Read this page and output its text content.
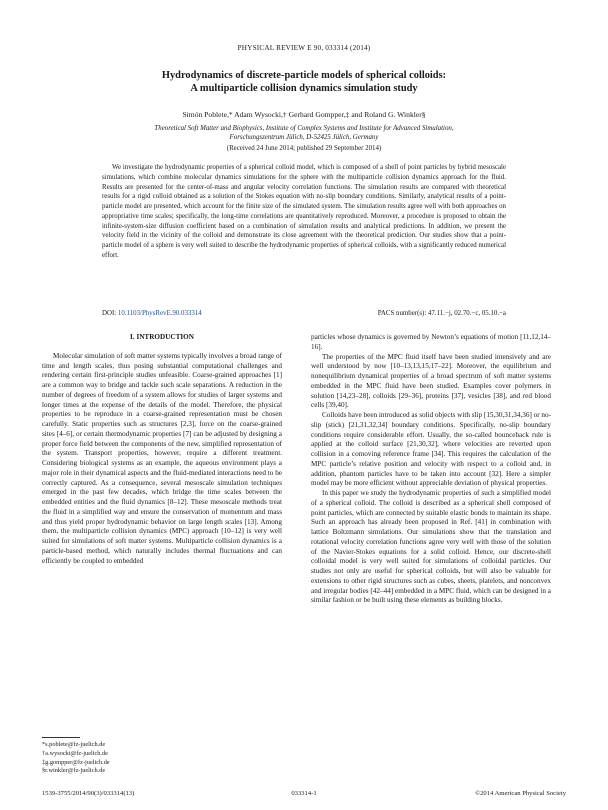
PHYSICAL REVIEW E 90, 033314 (2014)
Hydrodynamics of discrete-particle models of spherical colloids:
A multiparticle collision dynamics simulation study
Simón Poblete,* Adam Wysocki,† Gerhard Gompper,‡ and Roland G. Winkler§
Theoretical Soft Matter and Biophysics, Institute of Complex Systems and Institute for Advanced Simulation,
Forschungszentrum Jülich, D-52425 Jülich, Germany
(Received 24 June 2014; published 29 September 2014)
We investigate the hydrodynamic properties of a spherical colloid model, which is composed of a shell of point particles by hybrid mesoscale simulations, which combine molecular dynamics simulations for the sphere with the multiparticle collision dynamics approach for the fluid. Results are presented for the center-of-mass and angular velocity correlation functions. The simulation results are compared with theoretical results for a rigid colloid obtained as a solution of the Stokes equation with no-slip boundary conditions. Similarly, analytical results of a point-particle model are presented, which account for the finite size of the simulated system. The simulation results agree well with both approaches on appropriative time scales; specifically, the long-time correlations are quantitatively reproduced. Moreover, a procedure is proposed to obtain the infinite-system-size diffusion coefficient based on a combination of simulation results and analytical predictions. In addition, we present the velocity field in the vicinity of the colloid and demonstrate its close agreement with the theoretical prediction. Our studies show that a point-particle model of a sphere is very well suited to describe the hydrodynamic properties of spherical colloids, with a significantly reduced numerical effort.
DOI: 10.1103/PhysRevE.90.033314	PACS number(s): 47.11.−j, 02.70.−c, 05.10.−a
I. INTRODUCTION

Molecular simulation of soft matter systems typically involves a broad range of time and length scales, thus posing substantial computational challenges and rendering certain first-principle studies unfeasible. Coarse-grained approaches [1] are a common way to bridge and tackle such scale separations. A reduction in the number of degrees of freedom of a system allows for studies of larger systems and longer times at the expense of the details of the model. Therefore, the physical properties to be reproduce in a coarse-grained representation must be chosen carefully. Static properties such as structures [2,3], force on the coarse-grained sites [4–6], or certain thermodynamic properties [7] can be adjusted by designing a proper force field between the components of the new, simplified representation of the system. Transport properties, however, require a different treatment. Considering biological systems as an example, the aqueous environment plays a major role in their dynamical aspects and the fluid-mediated interactions need to be correctly captured. As a consequence, several mesoscale simulation techniques emerged in the past few decades, which bridge the time scales between the embedded entities and the fluid dynamics [8–12]. These mesoscale methods treat the fluid in a simplified way and ensure the conservation of momentum and mass and thus yield proper hydrodynamic behavior on large length scales [13]. Among them, the multiparticle collision dynamics (MPC) approach [10–12] is very well suited for simulations of soft matter systems. Multiparticle collision dynamics is a particle-based method, which naturally includes thermal fluctuations and can efficiently be coupled to embedded

particles whose dynamics is governed by Newton’s equations of motion [11,12,14–16].

The properties of the MPC fluid itself have been studied intensively and are well understood by now [10–13,13,15,17–22]. Moreover, the equilibrium and nonequilibrium dynamical properties of a broad spectrum of soft matter systems embedded in the MPC fluid have been studied. Examples cover polymers in solution [14,23–28], colloids [29–36], proteins [37], vesicles [38], and red blood cells [39,40].

Colloids have been introduced as solid objects with slip [15,30,31,34,36] or no-slip (stick) [21,31,32,34] boundary conditions. Specifically, no-slip boundary conditions require considerable effort. Usually, the so-called bounceback rule is applied at the colloid surface [21,30,32], where velocities are reverted upon collision in a comoving reference frame [34]. This requires the calculation of the MPC particle’s relative position and velocity with respect to a colloid and, in addition, phantom particles have to be taken into account [32]. Here a simpler model may be more efficient without appreciable deviation of physical properties.

In this paper we study the hydrodynamic properties of such a simplified model of a spherical colloid. The colloid is described as a spherical shell composed of point particles, which are connected by suitable elastic bonds to maintain its shape. Such an approach has already been proposed in Ref. [41] in combination with lattice Boltzmann simulations. Our simulations show that the translation and rotational velocity correlation functions agree very well with those of the solution of the Navier-Stokes equations for a solid colloid. Hence, our discrete-shell colloidal model is very well suited for simulations of colloidal particles. Our studies not only are useful for spherical colloids, but will also be valuable for extensions to other rigid structures such as cubes, sheets, platelets, and nonconvex and irregular bodies [42–44] embedded in a MPC fluid, which can be designed in a similar fashion or be built using these elements as building blocks.

*s.poblete@fz-juelich.de
†a.wysocki@fz-juelich.de
‡g.gompper@fz-juelich.de
§r.winkler@fz-juelich.de
1539-3755/2014/90(3)/033314(13)	033314-1	©2014 American Physical Society
